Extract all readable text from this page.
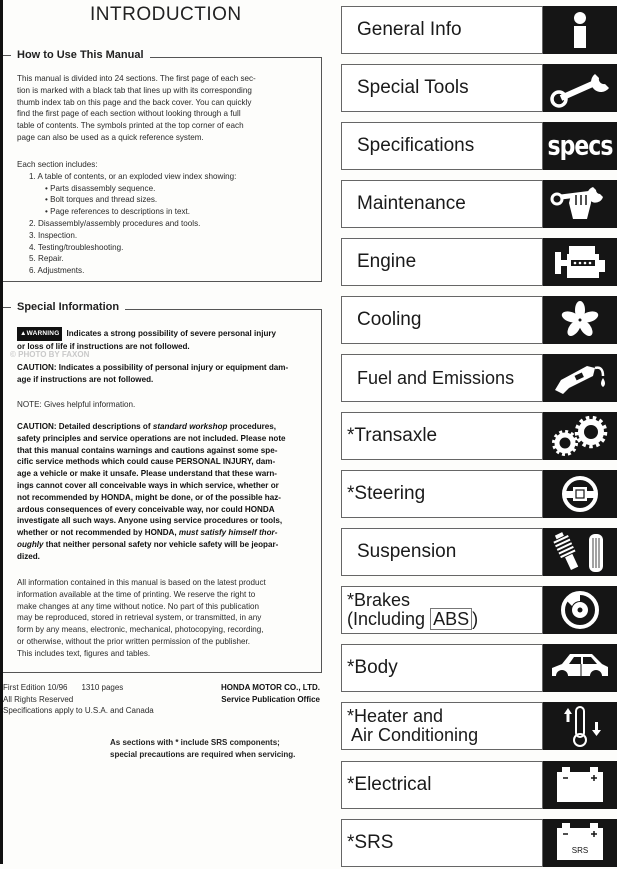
INTRODUCTION
How to Use This Manual
This manual is divided into 24 sections. The first page of each sec-
tion is marked with a black tab that lines up with its corresponding
thumb index tab on this page and the back cover. You can quickly
find the first page of each section without looking through a full
table of contents. The symbols printed at the top corner of each
page can also be used as a quick reference system.
Each section includes:
1. A table of contents, or an exploded view index showing:
• Parts disassembly sequence.
• Bolt torques and thread sizes.
• Page references to descriptions in text.
2. Disassembly/assembly procedures and tools.
3. Inspection.
4. Testing/troubleshooting.
5. Repair.
6. Adjustments.
Special Information
▲WARNING Indicates a strong possibility of severe personal injury
or loss of life if instructions are not followed.
CAUTION: Indicates a possibility of personal injury or equipment dam-
age if instructions are not followed.
NOTE: Gives helpful information.
CAUTION: Detailed descriptions of standard workshop procedures,
safety principles and service operations are not included. Please note
that this manual contains warnings and cautions against some spe-
cific service methods which could cause PERSONAL INJURY, dam-
age a vehicle or make it unsafe. Please understand that these warn-
ings cannot cover all conceivable ways in which service, whether or
not recommended by HONDA, might be done, or of the possible haz-
ardous consequences of every conceivable way, nor could HONDA
investigate all such ways. Anyone using service procedures or tools,
whether or not recommended by HONDA, must satisfy himself thor-
oughly that neither personal safety nor vehicle safety will be jeopar-
dized.
All information contained in this manual is based on the latest product
information available at the time of printing. We reserve the right to
make changes at any time without notice. No part of this publication
may be reproduced, stored in retrieval system, or transmitted, in any
form by any means, electronic, mechanical, photocopying, recording,
or otherwise, without the prior written permission of the publisher.
This includes text, figures and tables.
© PHOTO BY FAXON
First Edition 10/96 1310 pages
All Rights Reserved
Specifications apply to U.S.A. and Canada
HONDA MOTOR CO., LTD.
Service Publication Office
As sections with * include SRS components;
special precautions are required when servicing.
General Info
Special Tools
Specifications	specs
Maintenance
Engine
Cooling
Fuel and Emissions
*Transaxle
*Steering
Suspension
*Brakes
(Including ABS )
*Body
*Heater and
Air Conditioning
*Electrical
*SRS	SRS
